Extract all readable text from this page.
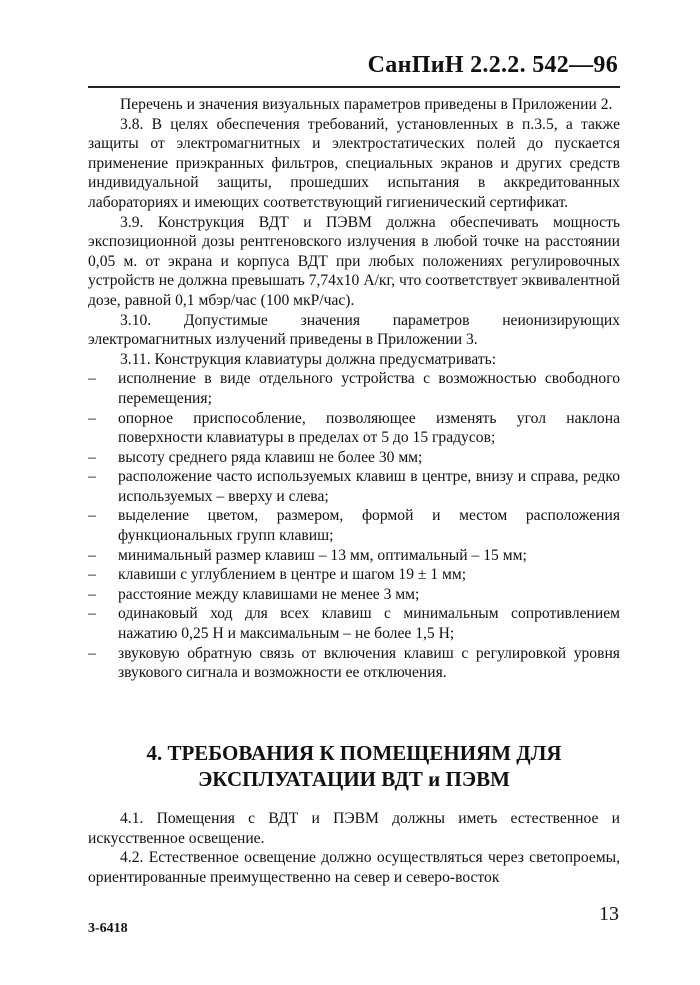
СанПиН 2.2.2. 542—96

Перечень и значения визуальных параметров приведены в Приложении 2.

3.8. В целях обеспечения требований, установленных в п.3.5, а также защиты от электромагнитных и электростатических полей до пускается применение приэкранных фильтров, специальных экранов и других средств индивидуальной защиты, прошедших испытания в аккредитованных лабораториях и имеющих соответствующий гигиенический сертификат.

3.9. Конструкция ВДТ и ПЭВМ должна обеспечивать мощность экспозиционной дозы рентгеновского излучения в любой точке на расстоянии 0,05 м. от экрана и корпуса ВДТ при любых положениях регулировочных устройств не должна превышать 7,74x10 А/кг, что соответствует эквивалентной дозе, равной 0,1 мбэр/час (100 мкР/час).

3.10. Допустимые значения параметров неионизирующих электромагнитных излучений приведены в Приложении 3.

3.11. Конструкция клавиатуры должна предусматривать:

– исполнение в виде отдельного устройства с возможностью свободного перемещения;
– опорное приспособление, позволяющее изменять угол наклона поверхности клавиатуры в пределах от 5 до 15 градусов;
– высоту среднего ряда клавиш не более 30 мм;
– расположение часто используемых клавиш в центре, внизу и справа, редко используемых – вверху и слева;
– выделение цветом, размером, формой и местом расположения функциональных групп клавиш;
– минимальный размер клавиш – 13 мм, оптимальный – 15 мм;
– клавиши с углублением в центре и шагом 19 ± 1 мм;
– расстояние между клавишами не менее 3 мм;
– одинаковый ход для всех клавиш с минимальным сопротивлением нажатию 0,25 Н и максимальным – не более 1,5 Н;
– звуковую обратную связь от включения клавиш с регулировкой уровня звукового сигнала и возможности ее отключения.
4. ТРЕБОВАНИЯ К ПОМЕЩЕНИЯМ ДЛЯ
ЭКСПЛУАТАЦИИ ВДТ и ПЭВМ

4.1. Помещения с ВДТ и ПЭВМ должны иметь естественное и искусственное освещение.

4.2. Естественное освещение должно осуществляться через светопроемы, ориентированные преимущественно на север и северо-восток

13
3-6418
